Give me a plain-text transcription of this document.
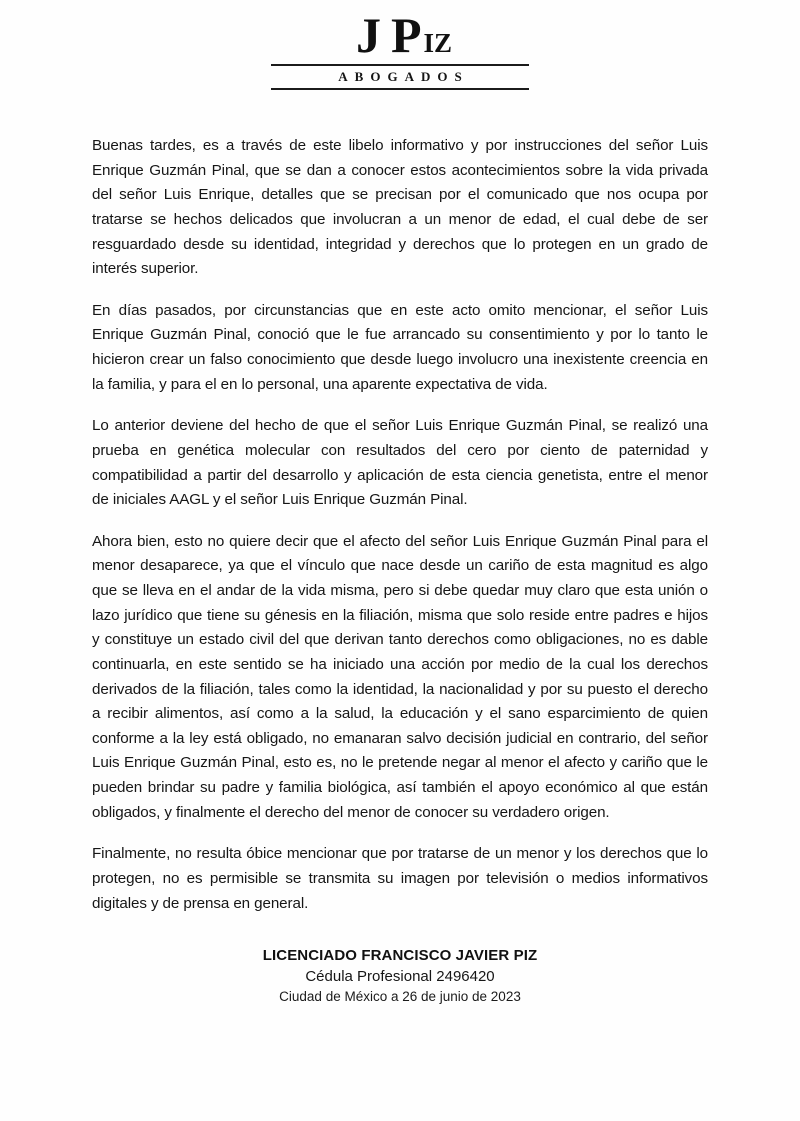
J P IZ
ABOGADOS

Buenas tardes, es a través de este libelo informativo y por instrucciones del señor Luis Enrique Guzmán Pinal, que se dan a conocer estos acontecimientos sobre la vida privada del señor Luis Enrique, detalles que se precisan por el comunicado que nos ocupa por tratarse se hechos delicados que involucran a un menor de edad, el cual debe de ser resguardado desde su identidad, integridad y derechos que lo protegen en un grado de interés superior.

En días pasados, por circunstancias que en este acto omito mencionar, el señor Luis Enrique Guzmán Pinal, conoció que le fue arrancado su consentimiento y por lo tanto le hicieron crear un falso conocimiento que desde luego involucro una inexistente creencia en la familia, y para el en lo personal, una aparente expectativa de vida.

Lo anterior deviene del hecho de que el señor Luis Enrique Guzmán Pinal, se realizó una prueba en genética molecular con resultados del cero por ciento de paternidad y compatibilidad a partir del desarrollo y aplicación de esta ciencia genetista, entre el menor de iniciales AAGL y el señor Luis Enrique Guzmán Pinal.

Ahora bien, esto no quiere decir que el afecto del señor Luis Enrique Guzmán Pinal para el menor desaparece, ya que el vínculo que nace desde un cariño de esta magnitud es algo que se lleva en el andar de la vida misma, pero si debe quedar muy claro que esta unión o lazo jurídico que tiene su génesis en la filiación, misma que solo reside entre padres e hijos y constituye un estado civil del que derivan tanto derechos como obligaciones, no es dable continuarla, en este sentido se ha iniciado una acción por medio de la cual los derechos derivados de la filiación, tales como la identidad, la nacionalidad y por su puesto el derecho a recibir alimentos, así como a la salud, la educación y el sano esparcimiento de quien conforme a la ley está obligado, no emanaran salvo decisión judicial en contrario, del señor Luis Enrique Guzmán Pinal, esto es, no le pretende negar al menor el afecto y cariño que le pueden brindar su padre y familia biológica, así también el apoyo económico al que están obligados, y finalmente el derecho del menor de conocer su verdadero origen.

Finalmente, no resulta óbice mencionar que por tratarse de un menor y los derechos que lo protegen, no es permisible se transmita su imagen por televisión o medios informativos digitales y de prensa en general.

LICENCIADO FRANCISCO JAVIER PIZ
Cédula Profesional 2496420
Ciudad de México a 26 de junio de 2023
